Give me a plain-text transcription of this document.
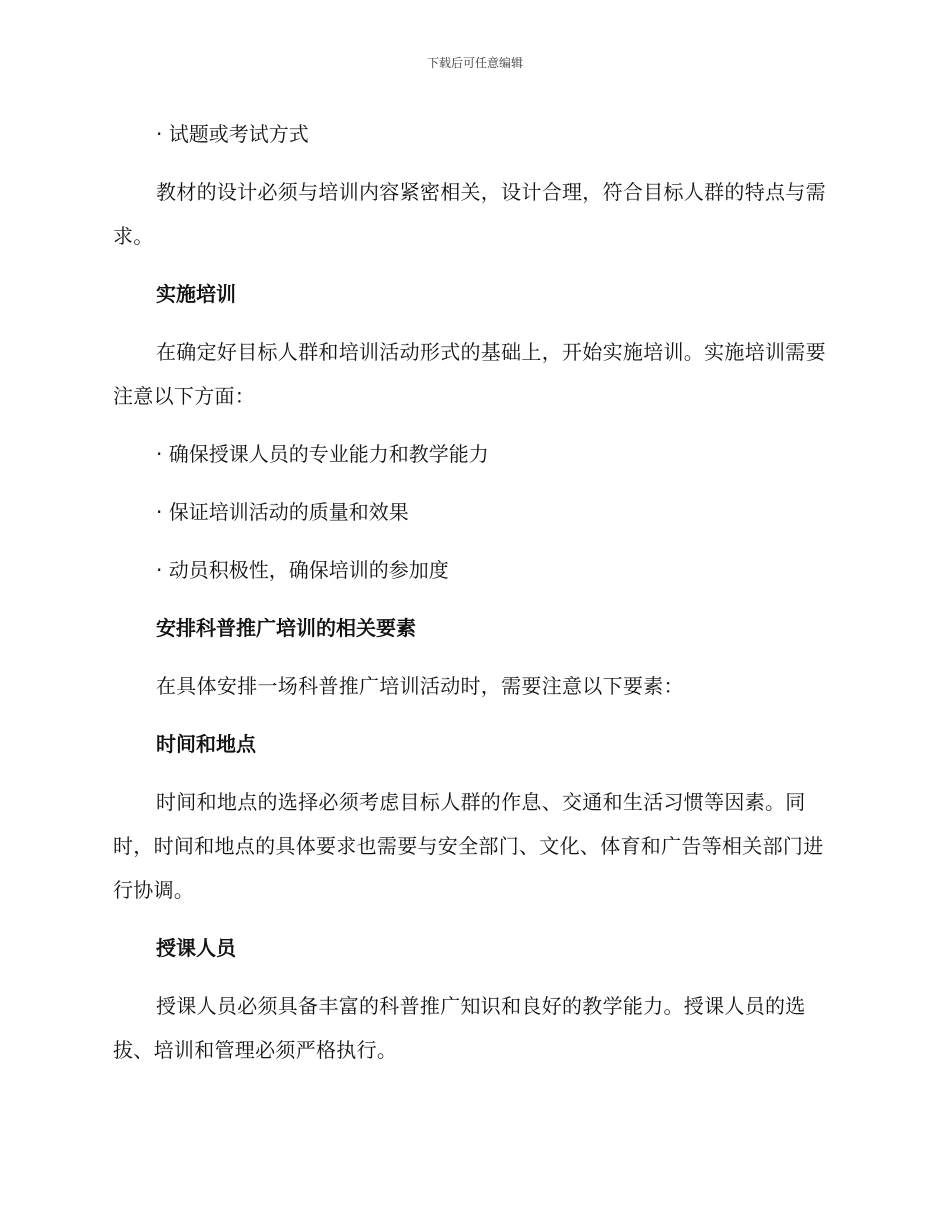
下载后可任意编辑
· 试题或考试方式
教材的设计必须与培训内容紧密相关，设计合理，符合目标人群的特点与需求。
实施培训
在确定好目标人群和培训活动形式的基础上，开始实施培训。实施培训需要注意以下方面：
· 确保授课人员的专业能力和教学能力
· 保证培训活动的质量和效果
· 动员积极性，确保培训的参加度
安排科普推广培训的相关要素
在具体安排一场科普推广培训活动时，需要注意以下要素：
时间和地点
时间和地点的选择必须考虑目标人群的作息、交通和生活习惯等因素。同时，时间和地点的具体要求也需要与安全部门、文化、体育和广告等相关部门进行协调。
授课人员
授课人员必须具备丰富的科普推广知识和良好的教学能力。授课人员的选拔、培训和管理必须严格执行。
